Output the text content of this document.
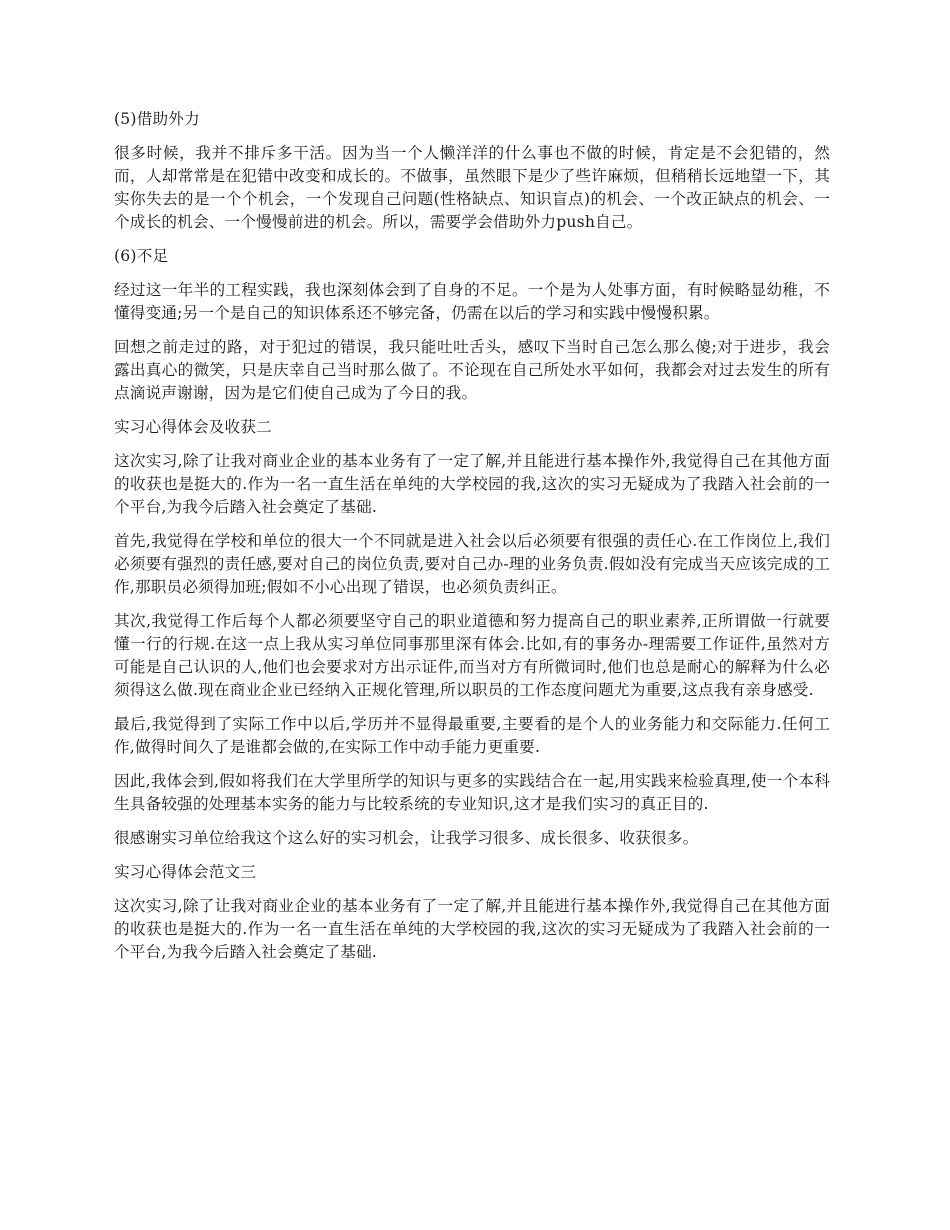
(5)借助外力

很多时候，我并不排斥多干活。因为当一个人懒洋洋的什么事也不做的时候，肯定是不会犯错的，然而，人却常常是在犯错中改变和成长的。不做事，虽然眼下是少了些许麻烦，但稍稍长远地望一下，其实你失去的是一个个机会，一个发现自己问题(性格缺点、知识盲点)的机会、一个改正缺点的机会、一个成长的机会、一个慢慢前进的机会。所以，需要学会借助外力push自己。

(6)不足

经过这一年半的工程实践，我也深刻体会到了自身的不足。一个是为人处事方面，有时候略显幼稚，不懂得变通;另一个是自己的知识体系还不够完备，仍需在以后的学习和实践中慢慢积累。

回想之前走过的路，对于犯过的错误，我只能吐吐舌头，感叹下当时自己怎么那么傻;对于进步，我会露出真心的微笑，只是庆幸自己当时那么做了。不论现在自己所处水平如何，我都会对过去发生的所有点滴说声谢谢，因为是它们使自己成为了今日的我。

实习心得体会及收获二

这次实习,除了让我对商业企业的基本业务有了一定了解,并且能进行基本操作外,我觉得自己在其他方面的收获也是挺大的.作为一名一直生活在单纯的大学校园的我,这次的实习无疑成为了我踏入社会前的一个平台,为我今后踏入社会奠定了基础.

首先,我觉得在学校和单位的很大一个不同就是进入社会以后必须要有很强的责任心.在工作岗位上,我们必须要有强烈的责任感,要对自己的岗位负责,要对自己办-理的业务负责.假如没有完成当天应该完成的工作,那职员必须得加班;假如不小心出现了错误，也必须负责纠正。

其次,我觉得工作后每个人都必须要坚守自己的职业道德和努力提高自己的职业素养,正所谓做一行就要懂一行的行规.在这一点上我从实习单位同事那里深有体会.比如,有的事务办-理需要工作证件,虽然对方可能是自己认识的人,他们也会要求对方出示证件,而当对方有所微词时,他们也总是耐心的解释为什么必须得这么做.现在商业企业已经纳入正规化管理,所以职员的工作态度问题尤为重要,这点我有亲身感受.

最后,我觉得到了实际工作中以后,学历并不显得最重要,主要看的是个人的业务能力和交际能力.任何工作,做得时间久了是谁都会做的,在实际工作中动手能力更重要.

因此,我体会到,假如将我们在大学里所学的知识与更多的实践结合在一起,用实践来检验真理,使一个本科生具备较强的处理基本实务的能力与比较系统的专业知识,这才是我们实习的真正目的.

很感谢实习单位给我这个这么好的实习机会，让我学习很多、成长很多、收获很多。

实习心得体会范文三

这次实习,除了让我对商业企业的基本业务有了一定了解,并且能进行基本操作外,我觉得自己在其他方面的收获也是挺大的.作为一名一直生活在单纯的大学校园的我,这次的实习无疑成为了我踏入社会前的一个平台,为我今后踏入社会奠定了基础.
